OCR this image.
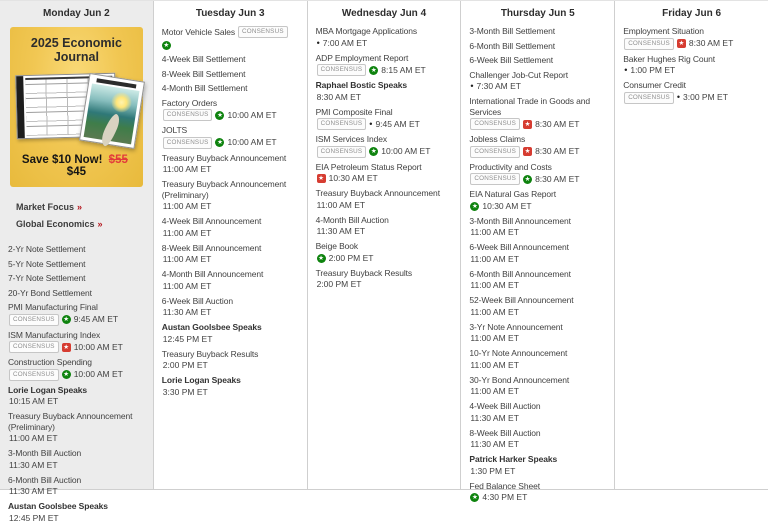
Monday Jun 2
2025 Economic Journal
Save $10 Now! $55 $45
Market Focus »
Global Economics »
2-Yr Note Settlement
5-Yr Note Settlement
7-Yr Note Settlement
20-Yr Bond Settlement
PMI Manufacturing Final
CONSENSUS	★ 9:45 AM ET
ISM Manufacturing Index
CONSENSUS	★ 10:00 AM ET
Construction Spending
CONSENSUS	★ 10:00 AM ET
Lorie Logan Speaks
10:15 AM ET
Treasury Buyback Announcement (Preliminary)
11:00 AM ET
3-Month Bill Auction
11:30 AM ET
6-Month Bill Auction
11:30 AM ET
Austan Goolsbee Speaks
12:45 PM ET
Tuesday Jun 3
Motor Vehicle Sales	CONSENSUS
★
4-Week Bill Settlement
8-Week Bill Settlement
4-Month Bill Settlement
Factory Orders
CONSENSUS	★ 10:00 AM ET
JOLTS
CONSENSUS	★ 10:00 AM ET
Treasury Buyback Announcement
11:00 AM ET
Treasury Buyback Announcement (Preliminary)
11:00 AM ET
4-Week Bill Announcement
11:00 AM ET
8-Week Bill Announcement
11:00 AM ET
4-Month Bill Announcement
11:00 AM ET
6-Week Bill Auction
11:30 AM ET
Austan Goolsbee Speaks
12:45 PM ET
Treasury Buyback Results
2:00 PM ET
Lorie Logan Speaks
3:30 PM ET
Wednesday Jun 4
MBA Mortgage Applications
• 7:00 AM ET
ADP Employment Report
CONSENSUS	★ 8:15 AM ET
Raphael Bostic Speaks
8:30 AM ET
PMI Composite Final
CONSENSUS • 9:45 AM ET
ISM Services Index
CONSENSUS	★ 10:00 AM ET
EIA Petroleum Status Report
★ 10:30 AM ET
Treasury Buyback Announcement
11:00 AM ET
4-Month Bill Auction
11:30 AM ET
Beige Book
★ 2:00 PM ET
Treasury Buyback Results
2:00 PM ET
Thursday Jun 5
3-Month Bill Settlement
6-Month Bill Settlement
6-Week Bill Settlement
Challenger Job-Cut Report
• 7:30 AM ET
International Trade in Goods and Services
CONSENSUS	★ 8:30 AM ET
Jobless Claims
CONSENSUS	★ 8:30 AM ET
Productivity and Costs
CONSENSUS	★ 8:30 AM ET
EIA Natural Gas Report
★ 10:30 AM ET
3-Month Bill Announcement
11:00 AM ET
6-Week Bill Announcement
11:00 AM ET
6-Month Bill Announcement
11:00 AM ET
52-Week Bill Announcement
11:00 AM ET
3-Yr Note Announcement
11:00 AM ET
10-Yr Note Announcement
11:00 AM ET
30-Yr Bond Announcement
11:00 AM ET
4-Week Bill Auction
11:30 AM ET
8-Week Bill Auction
11:30 AM ET
Patrick Harker Speaks
1:30 PM ET
Fed Balance Sheet
★ 4:30 PM ET
Friday Jun 6
Employment Situation
CONSENSUS	★ 8:30 AM ET
Baker Hughes Rig Count
• 1:00 PM ET
Consumer Credit
CONSENSUS • 3:00 PM ET
